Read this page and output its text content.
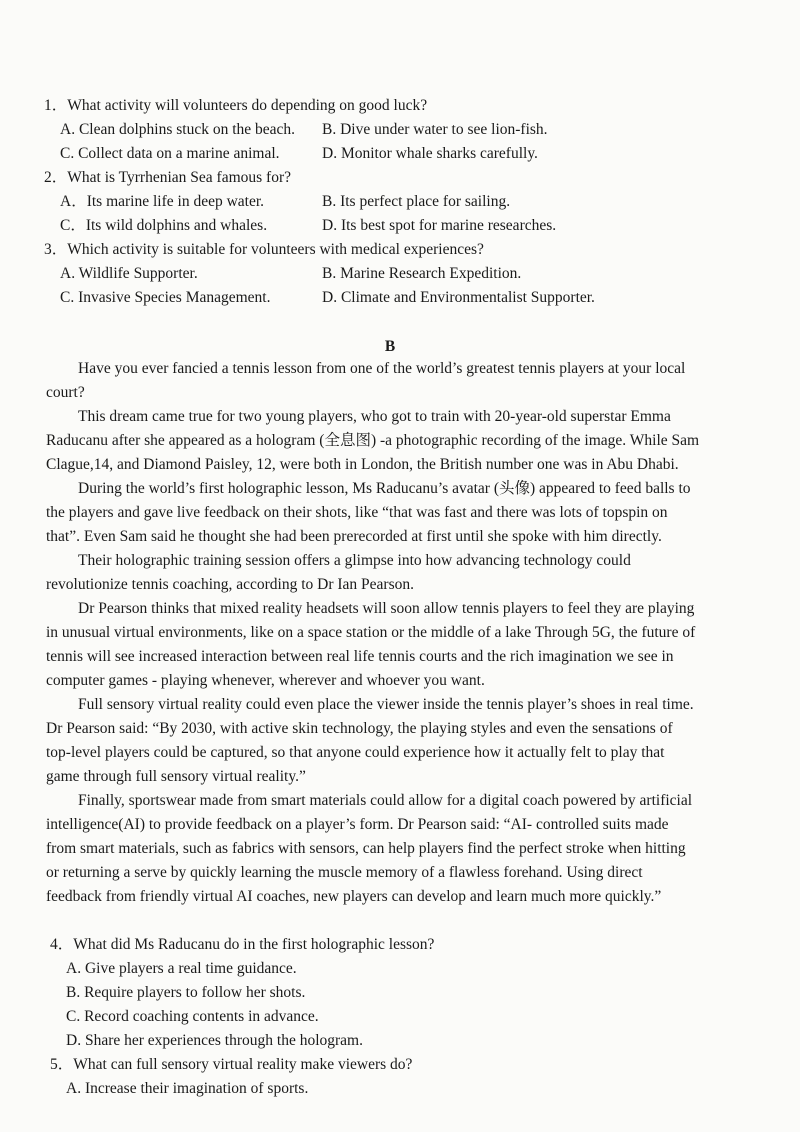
1．What activity will volunteers do depending on good luck?
A. Clean dolphins stuck on the beach. B. Dive under water to see lion-fish.
C. Collect data on a marine animal.	D. Monitor whale sharks carefully.
2．What is Tyrrhenian Sea famous for?
A．Its marine life in deep water.	B. Its perfect place for sailing.
C．Its wild dolphins and whales.	D. Its best spot for marine researches.
3．Which activity is suitable for volunteers with medical experiences?
A. Wildlife Supporter.	B. Marine Research Expedition.
C. Invasive Species Management.	D. Climate and Environmentalist Supporter.
B
Have you ever fancied a tennis lesson from one of the world’s greatest tennis players at your local
court?
This dream came true for two young players, who got to train with 20-year-old superstar Emma
Raducanu after she appeared as a hologram (全息图) -a photographic recording of the image. While Sam
Clague,14, and Diamond Paisley, 12, were both in London, the British number one was in Abu Dhabi.
During the world’s first holographic lesson, Ms Raducanu’s avatar (头像) appeared to feed balls to
the players and gave live feedback on their shots, like “that was fast and there was lots of topspin on
that”. Even Sam said he thought she had been prerecorded at first until she spoke with him directly.
Their holographic training session offers a glimpse into how advancing technology could
revolutionize tennis coaching, according to Dr Ian Pearson.
Dr Pearson thinks that mixed reality headsets will soon allow tennis players to feel they are playing
in unusual virtual environments, like on a space station or the middle of a lake Through 5G, the future of
tennis will see increased interaction between real life tennis courts and the rich imagination we see in
computer games - playing whenever, wherever and whoever you want.
Full sensory virtual reality could even place the viewer inside the tennis player’s shoes in real time.
Dr Pearson said: “By 2030, with active skin technology, the playing styles and even the sensations of
top-level players could be captured, so that anyone could experience how it actually felt to play that
game through full sensory virtual reality.”
Finally, sportswear made from smart materials could allow for a digital coach powered by artificial
intelligence(AI) to provide feedback on a player’s form. Dr Pearson said: “AI- controlled suits made
from smart materials, such as fabrics with sensors, can help players find the perfect stroke when hitting
or returning a serve by quickly learning the muscle memory of a flawless forehand. Using direct
feedback from friendly virtual AI coaches, new players can develop and learn much more quickly.”
4．What did Ms Raducanu do in the first holographic lesson?
A. Give players a real time guidance.
B. Require players to follow her shots.
C. Record coaching contents in advance.
D. Share her experiences through the hologram.
5．What can full sensory virtual reality make viewers do?
A. Increase their imagination of sports.
